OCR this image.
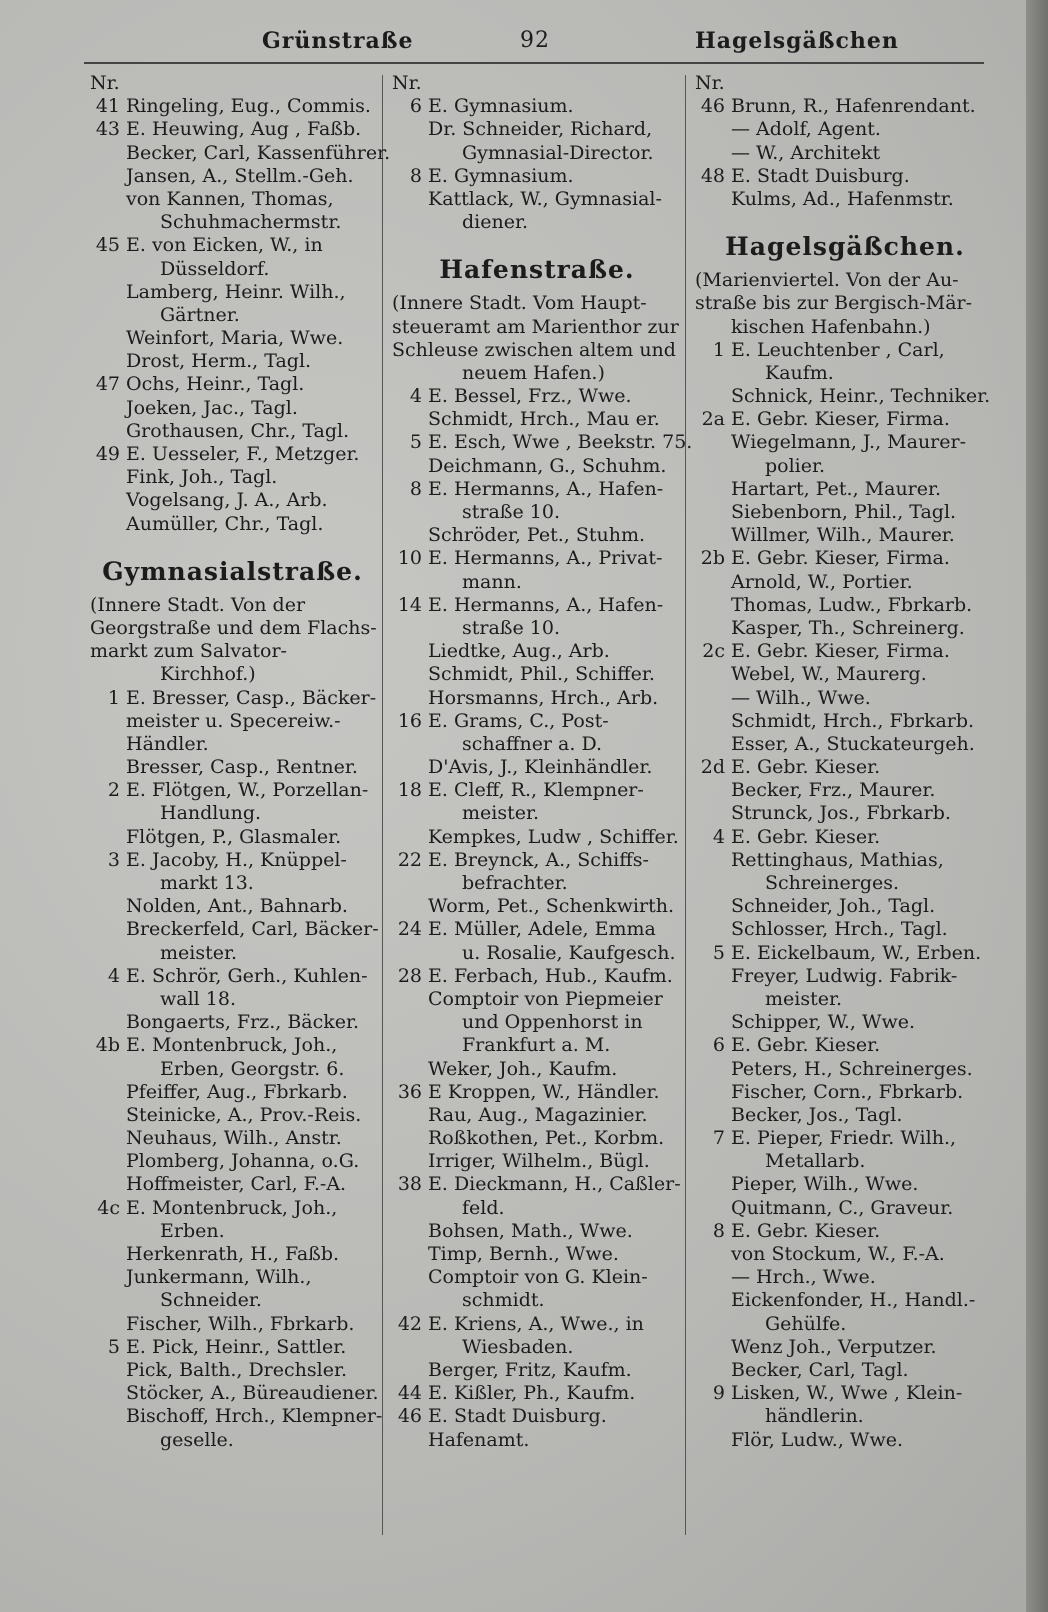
Grünstraße	92	Hagelsgäßchen
Nr.
41 Ringeling, Eug., Commis.
43 E. Heuwing, Aug , Faßb.
Becker, Carl, Kassenführer.
Jansen, A., Stellm.-Geh.
von Kannen, Thomas,
Schuhmachermstr.
45 E. von Eicken, W., in
Düsseldorf.
Lamberg, Heinr. Wilh.,
Gärtner.
Weinfort, Maria, Wwe.
Drost, Herm., Tagl.
47 Ochs, Heinr., Tagl.
Joeken, Jac., Tagl.
Grothausen, Chr., Tagl.
49 E. Uesseler, F., Metzger.
Fink, Joh., Tagl.
Vogelsang, J. A., Arb.
Aumüller, Chr., Tagl.
Gymnasialstraße.
(Innere Stadt. Von der
Georgstraße und dem Flachs-
markt zum Salvator-
Kirchhof.)
1 E. Bresser, Casp., Bäcker-
meister u. Specereiw.-
Händler.
Bresser, Casp., Rentner.
2 E. Flötgen, W., Porzellan-
Handlung.
Flötgen, P., Glasmaler.
3 E. Jacoby, H., Knüppel-
markt 13.
Nolden, Ant., Bahnarb.
Breckerfeld, Carl, Bäcker-
meister.
4 E. Schrör, Gerh., Kuhlen-
wall 18.
Bongaerts, Frz., Bäcker.
4b E. Montenbruck, Joh.,
Erben, Georgstr. 6.
Pfeiffer, Aug., Fbrkarb.
Steinicke, A., Prov.-Reis.
Neuhaus, Wilh., Anstr.
Plomberg, Johanna, o.G.
Hoffmeister, Carl, F.-A.
4c E. Montenbruck, Joh.,
Erben.
Herkenrath, H., Faßb.
Junkermann, Wilh.,
Schneider.
Fischer, Wilh., Fbrkarb.
5 E. Pick, Heinr., Sattler.
Pick, Balth., Drechsler.
Stöcker, A., Büreaudiener.
Bischoff, Hrch., Klempner-
geselle.
Nr.
6 E. Gymnasium.
Dr. Schneider, Richard,
Gymnasial-Director.
8 E. Gymnasium.
Kattlack, W., Gymnasial-
diener.
Hafenstraße.
(Innere Stadt. Vom Haupt-
steueramt am Marienthor zur
Schleuse zwischen altem und
neuem Hafen.)
4 E. Bessel, Frz., Wwe.
Schmidt, Hrch., Mau er.
5 E. Esch, Wwe , Beekstr. 75.
Deichmann, G., Schuhm.
8 E. Hermanns, A., Hafen-
straße 10.
Schröder, Pet., Stuhm.
10 E. Hermanns, A., Privat-
mann.
14 E. Hermanns, A., Hafen-
straße 10.
Liedtke, Aug., Arb.
Schmidt, Phil., Schiffer.
Horsmanns, Hrch., Arb.
16 E. Grams, C., Post-
schaffner a. D.
D'Avis, J., Kleinhändler.
18 E. Cleff, R., Klempner-
meister.
Kempkes, Ludw , Schiffer.
22 E. Breynck, A., Schiffs-
befrachter.
Worm, Pet., Schenkwirth.
24 E. Müller, Adele, Emma
u. Rosalie, Kaufgesch.
28 E. Ferbach, Hub., Kaufm.
Comptoir von Piepmeier
und Oppenhorst in
Frankfurt a. M.
Weker, Joh., Kaufm.
36 E Kroppen, W., Händler.
Rau, Aug., Magazinier.
Roßkothen, Pet., Korbm.
Irriger, Wilhelm., Bügl.
38 E. Dieckmann, H., Caßler-
feld.
Bohsen, Math., Wwe.
Timp, Bernh., Wwe.
Comptoir von G. Klein-
schmidt.
42 E. Kriens, A., Wwe., in
Wiesbaden.
Berger, Fritz, Kaufm.
44 E. Kißler, Ph., Kaufm.
46 E. Stadt Duisburg.
Hafenamt.
Nr.
46 Brunn, R., Hafenrendant.
— Adolf, Agent.
— W., Architekt
48 E. Stadt Duisburg.
Kulms, Ad., Hafenmstr.
Hagelsgäßchen.
(Marienviertel. Von der Au-
straße bis zur Bergisch-Mär-
kischen Hafenbahn.)
1 E. Leuchtenber , Carl,
Kaufm.
Schnick, Heinr., Techniker.
2a E. Gebr. Kieser, Firma.
Wiegelmann, J., Maurer-
polier.
Hartart, Pet., Maurer.
Siebenborn, Phil., Tagl.
Willmer, Wilh., Maurer.
2b E. Gebr. Kieser, Firma.
Arnold, W., Portier.
Thomas, Ludw., Fbrkarb.
Kasper, Th., Schreinerg.
2c E. Gebr. Kieser, Firma.
Webel, W., Maurerg.
— Wilh., Wwe.
Schmidt, Hrch., Fbrkarb.
Esser, A., Stuckateurgeh.
2d E. Gebr. Kieser.
Becker, Frz., Maurer.
Strunck, Jos., Fbrkarb.
4 E. Gebr. Kieser.
Rettinghaus, Mathias,
Schreinerges.
Schneider, Joh., Tagl.
Schlosser, Hrch., Tagl.
5 E. Eickelbaum, W., Erben.
Freyer, Ludwig. Fabrik-
meister.
Schipper, W., Wwe.
6 E. Gebr. Kieser.
Peters, H., Schreinerges.
Fischer, Corn., Fbrkarb.
Becker, Jos., Tagl.
7 E. Pieper, Friedr. Wilh.,
Metallarb.
Pieper, Wilh., Wwe.
Quitmann, C., Graveur.
8 E. Gebr. Kieser.
von Stockum, W., F.-A.
— Hrch., Wwe.
Eickenfonder, H., Handl.-
Gehülfe.
Wenz Joh., Verputzer.
Becker, Carl, Tagl.
9 Lisken, W., Wwe , Klein-
händlerin.
Flör, Ludw., Wwe.
